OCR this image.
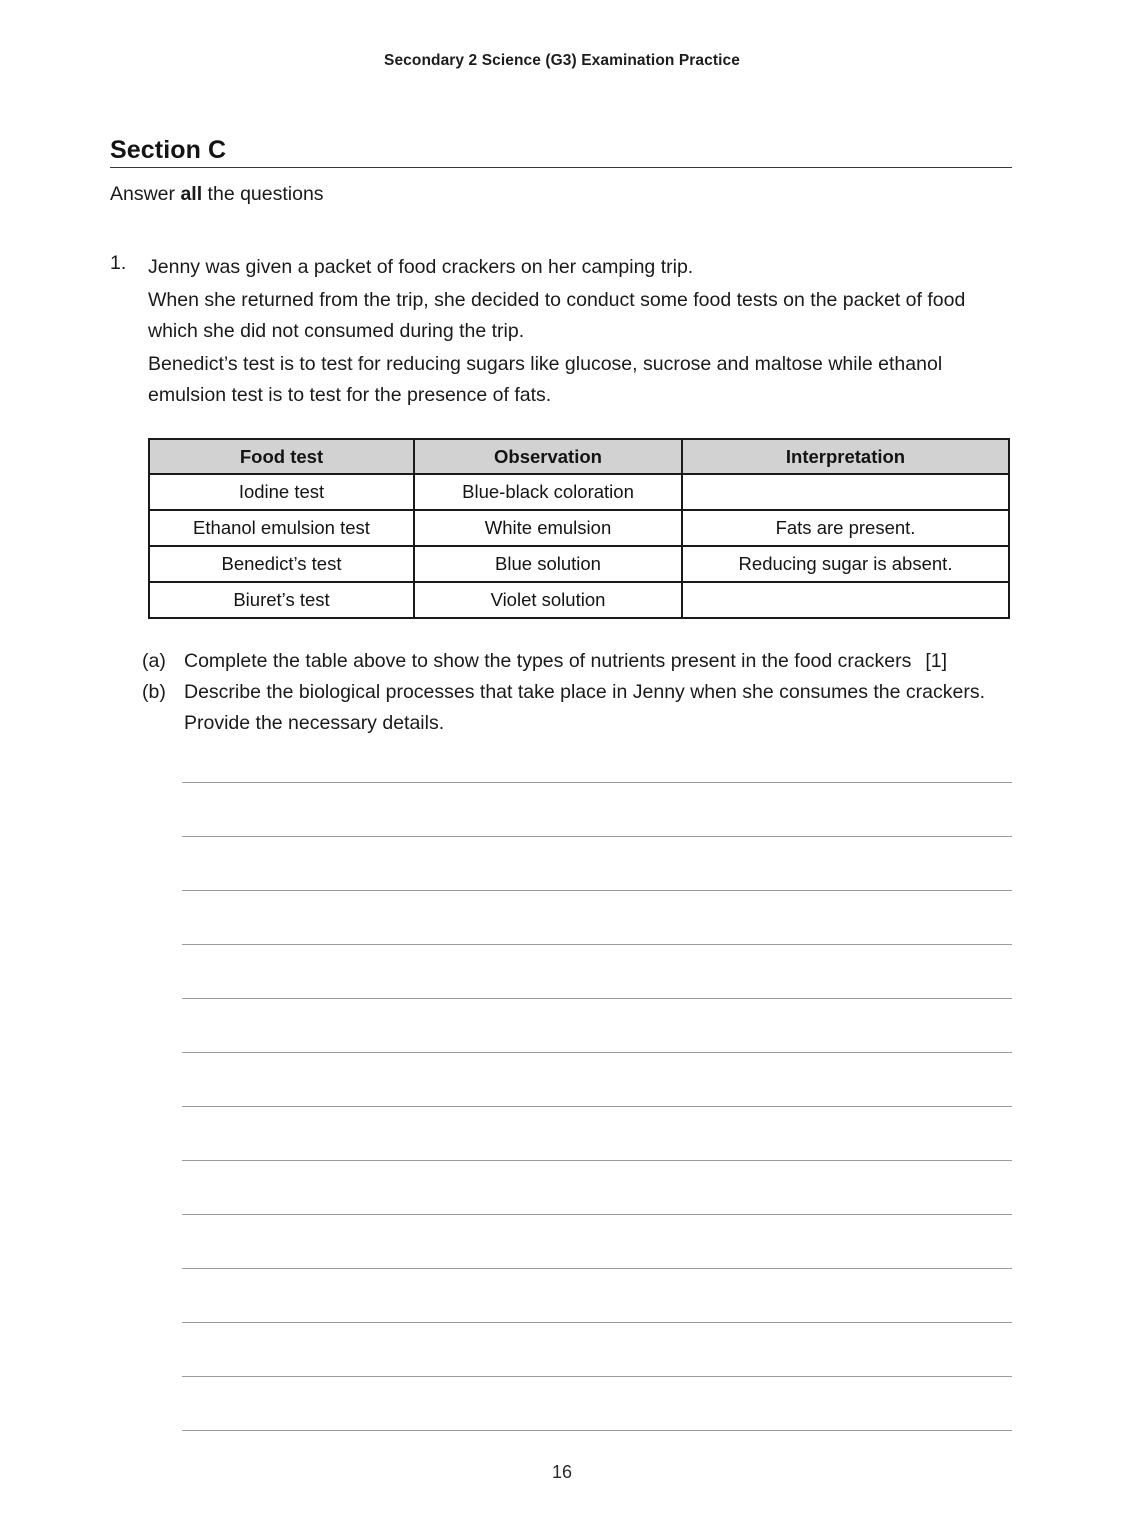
Secondary 2 Science (G3) Examination Practice
Section C
Answer all the questions
1. Jenny was given a packet of food crackers on her camping trip.

When she returned from the trip, she decided to conduct some food tests on the packet of food which she did not consumed during the trip.

Benedict’s test is to test for reducing sugars like glucose, sucrose and maltose while ethanol emulsion test is to test for the presence of fats.

Food test	Observation	Interpretation
Iodine test	Blue-black coloration	
Ethanol emulsion test	White emulsion	Fats are present.
Benedict’s test	Blue solution	Reducing sugar is absent.
Biuret’s test	Violet solution	
(a) Complete the table above to show the types of nutrients present in the food crackers [1]
(b) Describe the biological processes that take place in Jenny when she consumes the crackers. Provide the necessary details.
16
